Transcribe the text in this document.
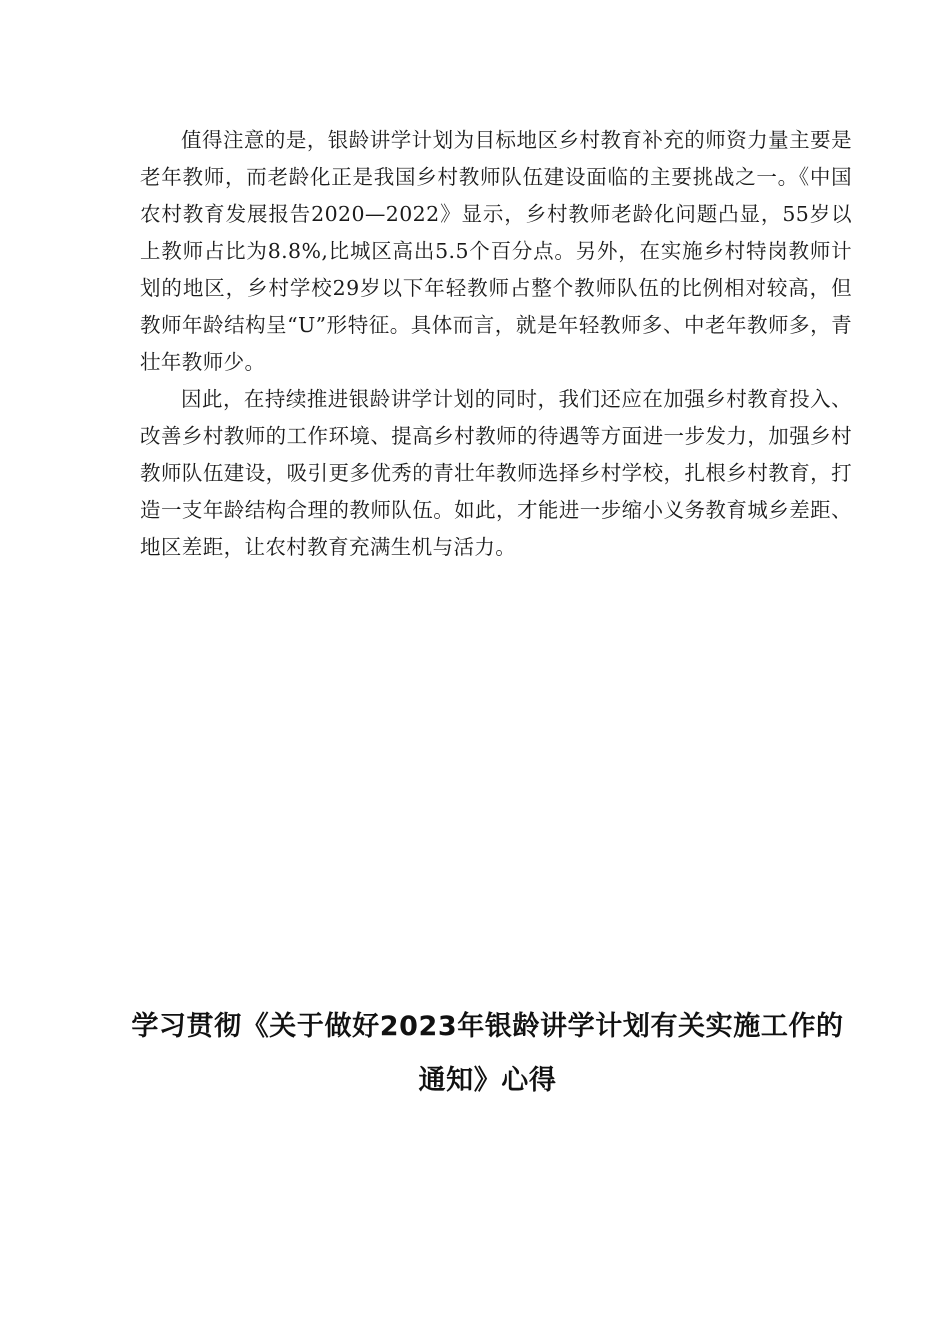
值得注意的是，银龄讲学计划为目标地区乡村教育补充的师资力量主要是老年教师，而老龄化正是我国乡村教师队伍建设面临的主要挑战之一。《中国农村教育发展报告2020—2022》显示，乡村教师老龄化问题凸显，55岁以上教师占比为8.8%,比城区高出5.5个百分点。另外，在实施乡村特岗教师计划的地区，乡村学校29岁以下年轻教师占整个教师队伍的比例相对较高，但教师年龄结构呈“U”形特征。具体而言，就是年轻教师多、中老年教师多，青壮年教师少。

因此，在持续推进银龄讲学计划的同时，我们还应在加强乡村教育投入、改善乡村教师的工作环境、提高乡村教师的待遇等方面进一步发力，加强乡村教师队伍建设，吸引更多优秀的青壮年教师选择乡村学校，扎根乡村教育，打造一支年龄结构合理的教师队伍。如此，才能进一步缩小义务教育城乡差距、地区差距，让农村教育充满生机与活力。

学习贯彻《关于做好2023年银龄讲学计划有关实施工作的通知》心得
